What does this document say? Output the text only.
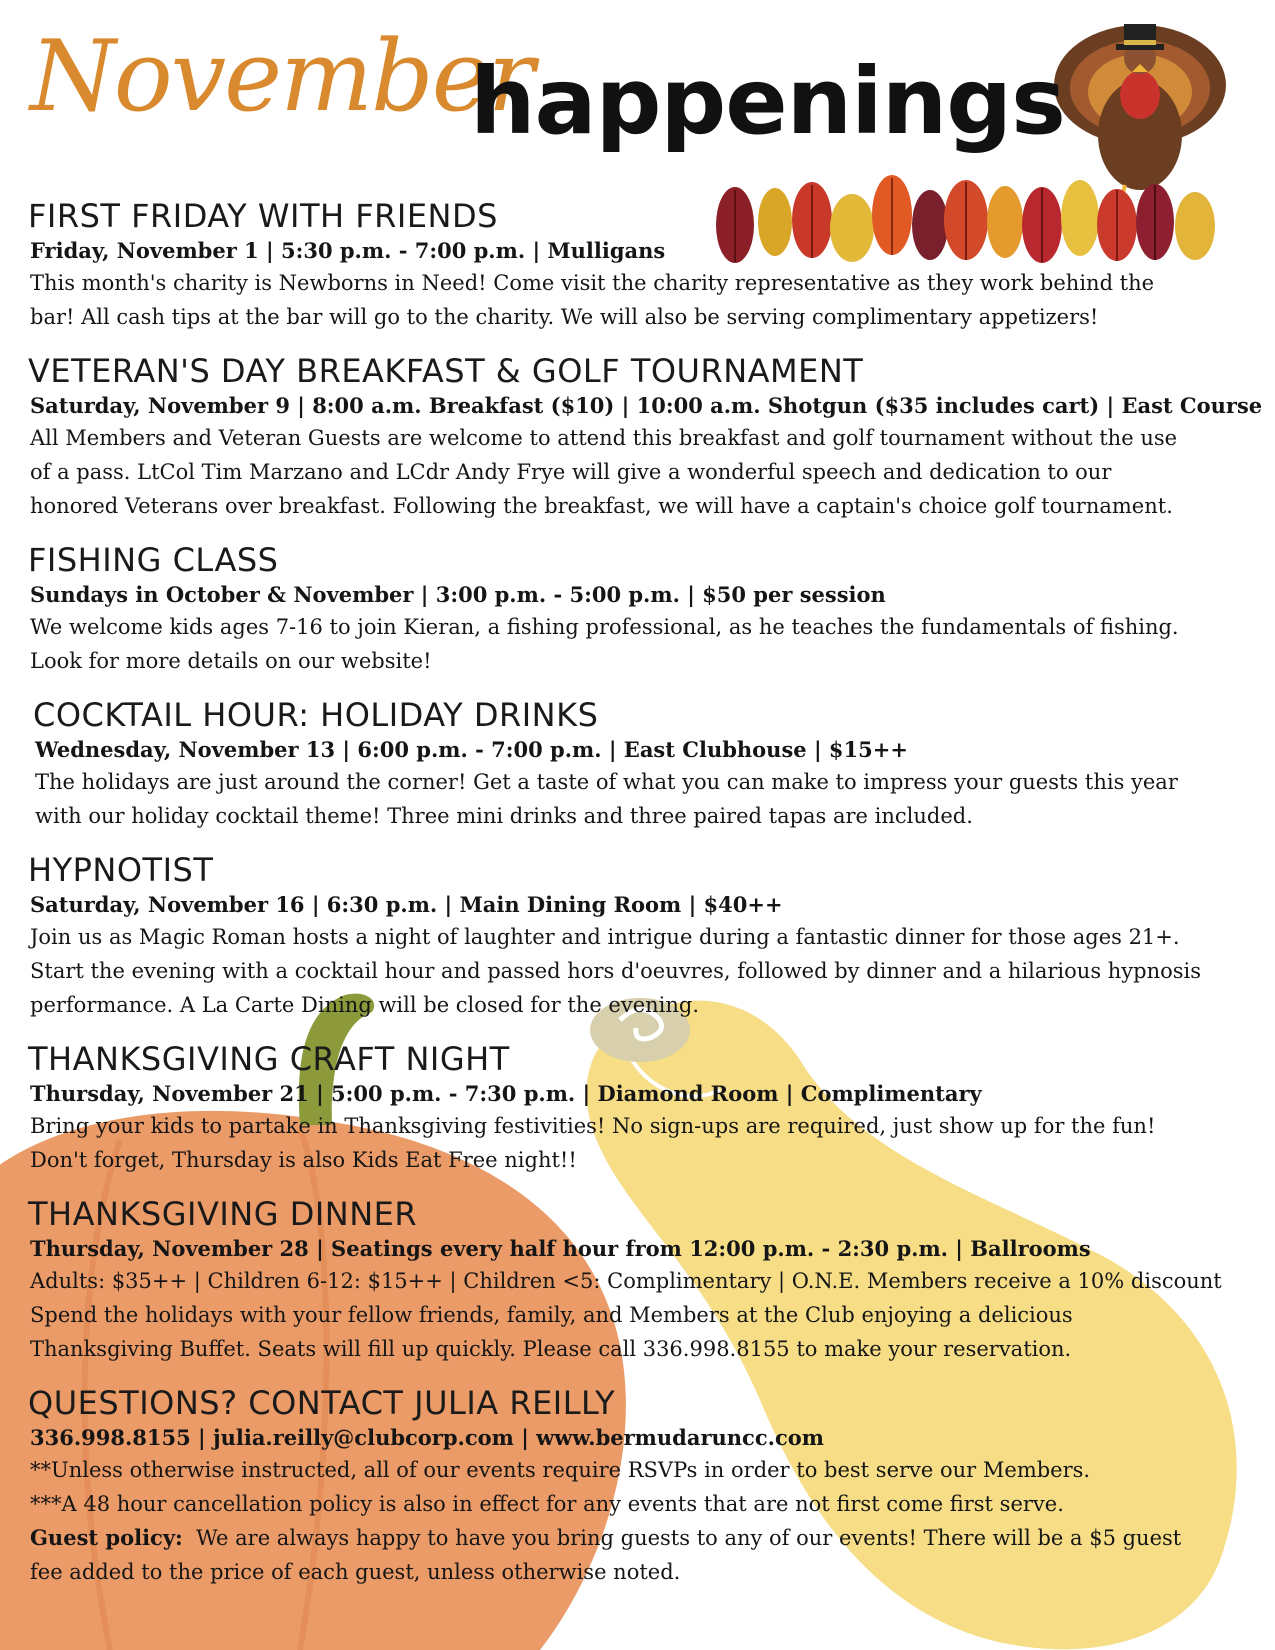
November
happenings
FIRST FRIDAY WITH FRIENDS
Friday, November 1 | 5:30 p.m. - 7:00 p.m. | Mulligans
This month's charity is Newborns in Need! Come visit the charity representative as they work behind the
bar! All cash tips at the bar will go to the charity. We will also be serving complimentary appetizers!
VETERAN'S DAY BREAKFAST & GOLF TOURNAMENT
Saturday, November 9 | 8:00 a.m. Breakfast ($10) | 10:00 a.m. Shotgun ($35 includes cart) | East Course
All Members and Veteran Guests are welcome to attend this breakfast and golf tournament without the use
of a pass. LtCol Tim Marzano and LCdr Andy Frye will give a wonderful speech and dedication to our
honored Veterans over breakfast. Following the breakfast, we will have a captain's choice golf tournament.
FISHING CLASS
Sundays in October & November | 3:00 p.m. - 5:00 p.m. | $50 per session
We welcome kids ages 7-16 to join Kieran, a fishing professional, as he teaches the fundamentals of fishing.
Look for more details on our website!
COCKTAIL HOUR: HOLIDAY DRINKS
Wednesday, November 13 | 6:00 p.m. - 7:00 p.m. | East Clubhouse | $15++
The holidays are just around the corner! Get a taste of what you can make to impress your guests this year
with our holiday cocktail theme! Three mini drinks and three paired tapas are included.
HYPNOTIST
Saturday, November 16 | 6:30 p.m. | Main Dining Room | $40++
Join us as Magic Roman hosts a night of laughter and intrigue during a fantastic dinner for those ages 21+.
Start the evening with a cocktail hour and passed hors d'oeuvres, followed by dinner and a hilarious hypnosis
performance. A La Carte Dining will be closed for the evening.
THANKSGIVING CRAFT NIGHT
Thursday, November 21 | 5:00 p.m. - 7:30 p.m. | Diamond Room | Complimentary
Bring your kids to partake in Thanksgiving festivities! No sign-ups are required, just show up for the fun!
Don't forget, Thursday is also Kids Eat Free night!!
THANKSGIVING DINNER
Thursday, November 28 | Seatings every half hour from 12:00 p.m. - 2:30 p.m. | Ballrooms
Adults: $35++ | Children 6-12: $15++ | Children <5: Complimentary | O.N.E. Members receive a 10% discount
Spend the holidays with your fellow friends, family, and Members at the Club enjoying a delicious
Thanksgiving Buffet. Seats will fill up quickly. Please call 336.998.8155 to make your reservation.
QUESTIONS? CONTACT JULIA REILLY
336.998.8155 | julia.reilly@clubcorp.com | www.bermudaruncc.com
**Unless otherwise instructed, all of our events require RSVPs in order to best serve our Members.
***A 48 hour cancellation policy is also in effect for any events that are not first come first serve.
Guest policy: We are always happy to have you bring guests to any of our events! There will be a $5 guest
fee added to the price of each guest, unless otherwise noted.
